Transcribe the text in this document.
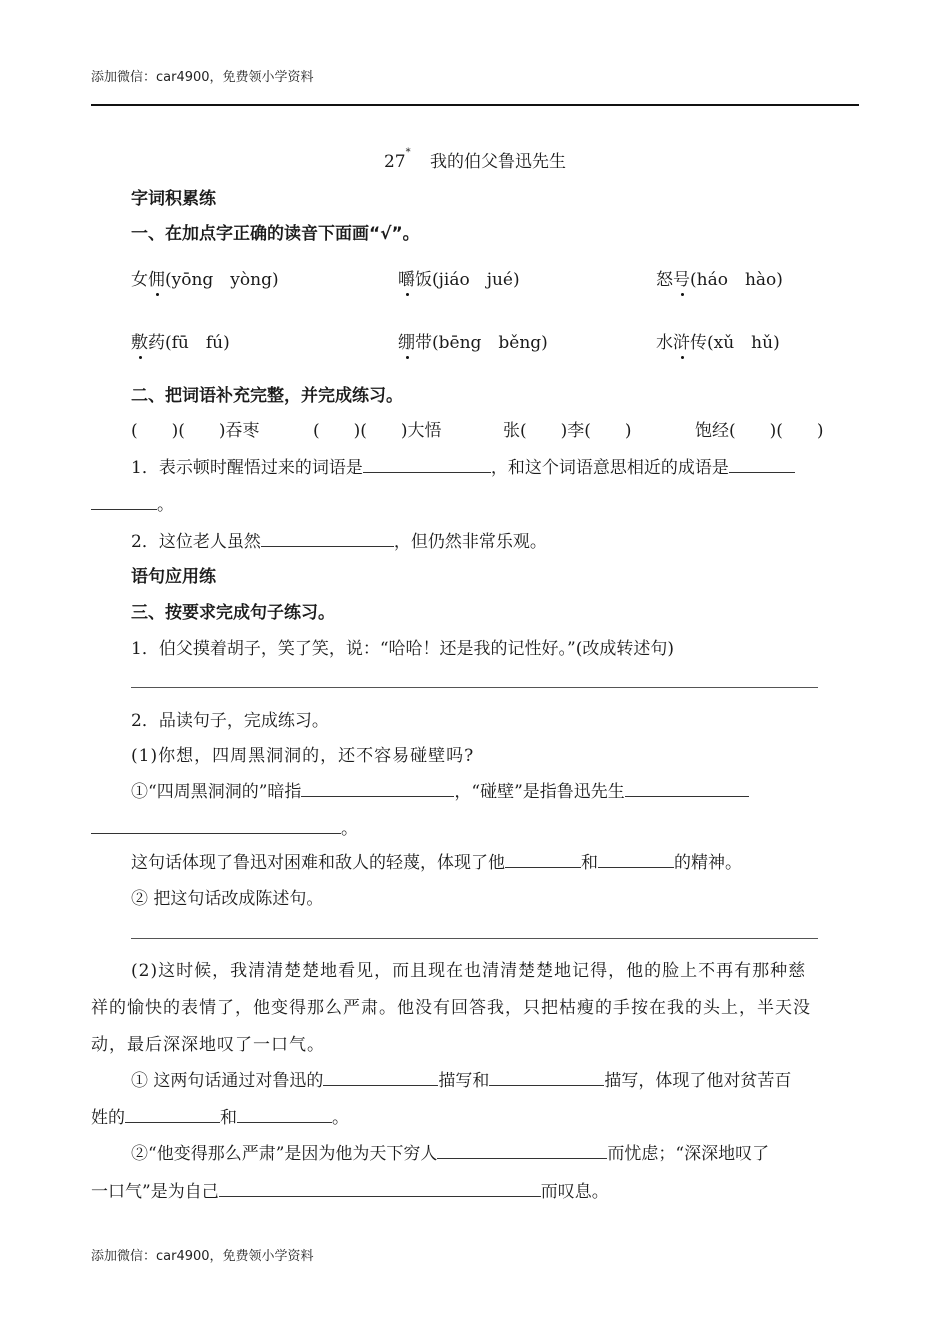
添加微信：car4900，免费领小学资料
27* 我的伯父鲁迅先生
字词积累练
一、在加点字正确的读音下面画“√”。
女佣(yōng　yòng)	嚼饭(jiáo　jué)	怒号(háo　hào)
敷药(fū　fú)	绷带(bēng　běng)	水浒传(xǔ　hǔ)
二、把词语补充完整，并完成练习。
(　　)(　　)吞枣	(　　)(　　)大悟	张(　　)李(　　)	饱经(　　)(　　)
1．表示顿时醒悟过来的词语是	，和这个词语意思相近的成语是
。
2．这位老人虽然	，但仍然非常乐观。
语句应用练
三、按要求完成句子练习。
1．伯父摸着胡子，笑了笑，说：“哈哈！还是我的记性好。”(改成转述句)
2．品读句子，完成练习。
(1)你想，四周黑洞洞的，还不容易碰壁吗?
①“四周黑洞洞的”暗指	，“碰壁”是指鲁迅先生
。
这句话体现了鲁迅对困难和敌人的轻蔑，体现了他	和	的精神。
② 把这句话改成陈述句。
(2)这时候，我清清楚楚地看见，而且现在也清清楚楚地记得，他的脸上不再有那种慈
祥的愉快的表情了，他变得那么严肃。他没有回答我，只把枯瘦的手按在我的头上，半天没
动，最后深深地叹了一口气。
① 这两句话通过对鲁迅的	描写和	描写，体现了他对贫苦百
姓的	和	。
②“他变得那么严肃”是因为他为天下穷人	而忧虑；“深深地叹了
一口气”是为自己	而叹息。
添加微信：car4900，免费领小学资料
